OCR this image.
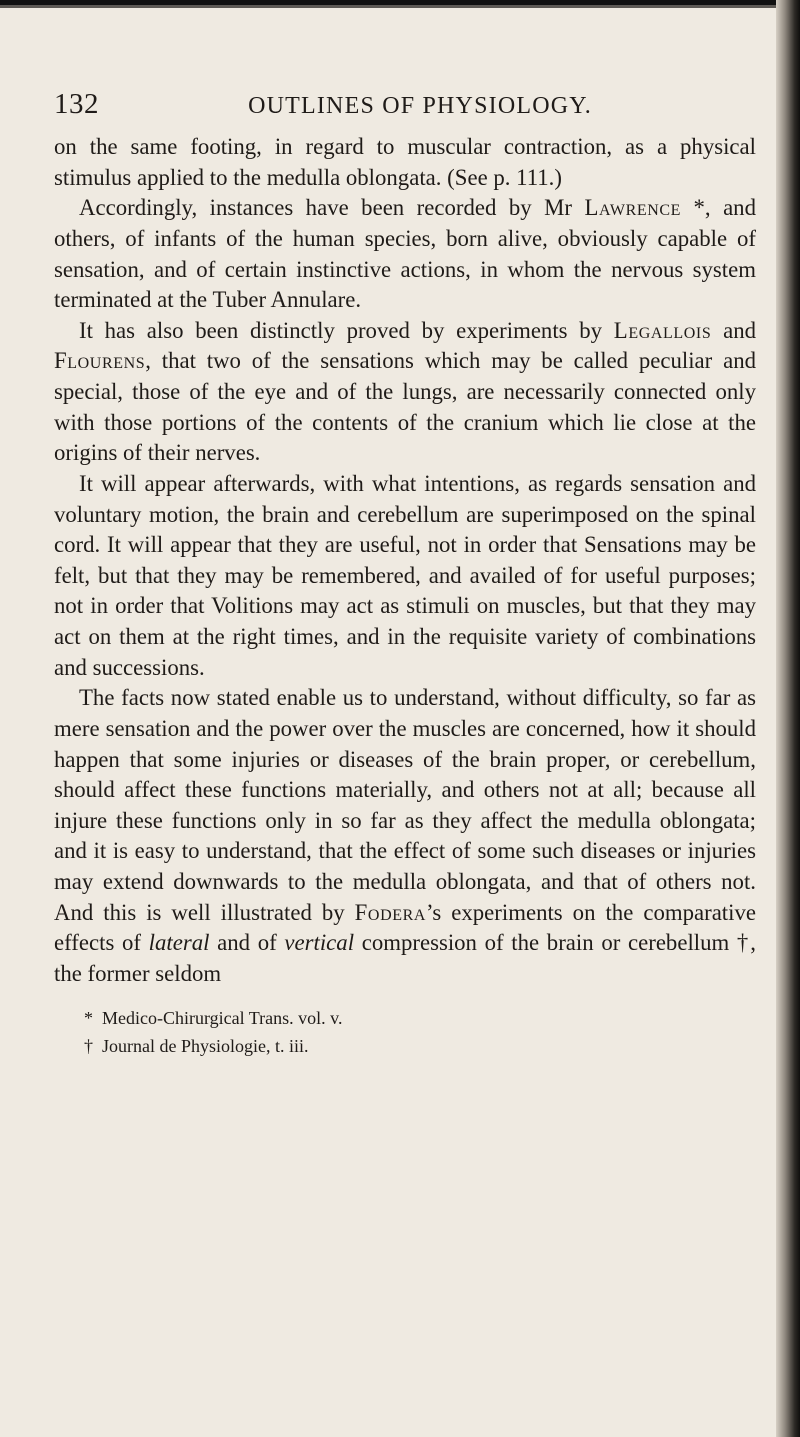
132	OUTLINES OF PHYSIOLOGY.

on the same footing, in regard to muscular contraction, as a physical stimulus applied to the medulla oblongata. (See p. 111.)

Accordingly, instances have been recorded by Mr Lawrence *, and others, of infants of the human species, born alive, obviously capable of sensation, and of certain instinctive actions, in whom the nervous system terminated at the Tuber Annulare.

It has also been distinctly proved by experiments by Legallois and Flourens, that two of the sensations which may be called peculiar and special, those of the eye and of the lungs, are necessarily connected only with those portions of the contents of the cranium which lie close at the origins of their nerves.

It will appear afterwards, with what intentions, as regards sensation and voluntary motion, the brain and cerebellum are superimposed on the spinal cord. It will appear that they are useful, not in order that Sensations may be felt, but that they may be remembered, and availed of for useful purposes; not in order that Volitions may act as stimuli on muscles, but that they may act on them at the right times, and in the requisite variety of combinations and successions.

The facts now stated enable us to understand, without difficulty, so far as mere sensation and the power over the muscles are concerned, how it should happen that some injuries or diseases of the brain proper, or cerebellum, should affect these functions materially, and others not at all; because all injure these functions only in so far as they affect the medulla oblongata; and it is easy to understand, that the effect of some such diseases or injuries may extend downwards to the medulla oblongata, and that of others not. And this is well illustrated by Fodera’s experiments on the comparative effects of lateral and of vertical compression of the brain or cerebellum †, the former seldom

* Medico-Chirurgical Trans. vol. v.
† Journal de Physiologie, t. iii.
